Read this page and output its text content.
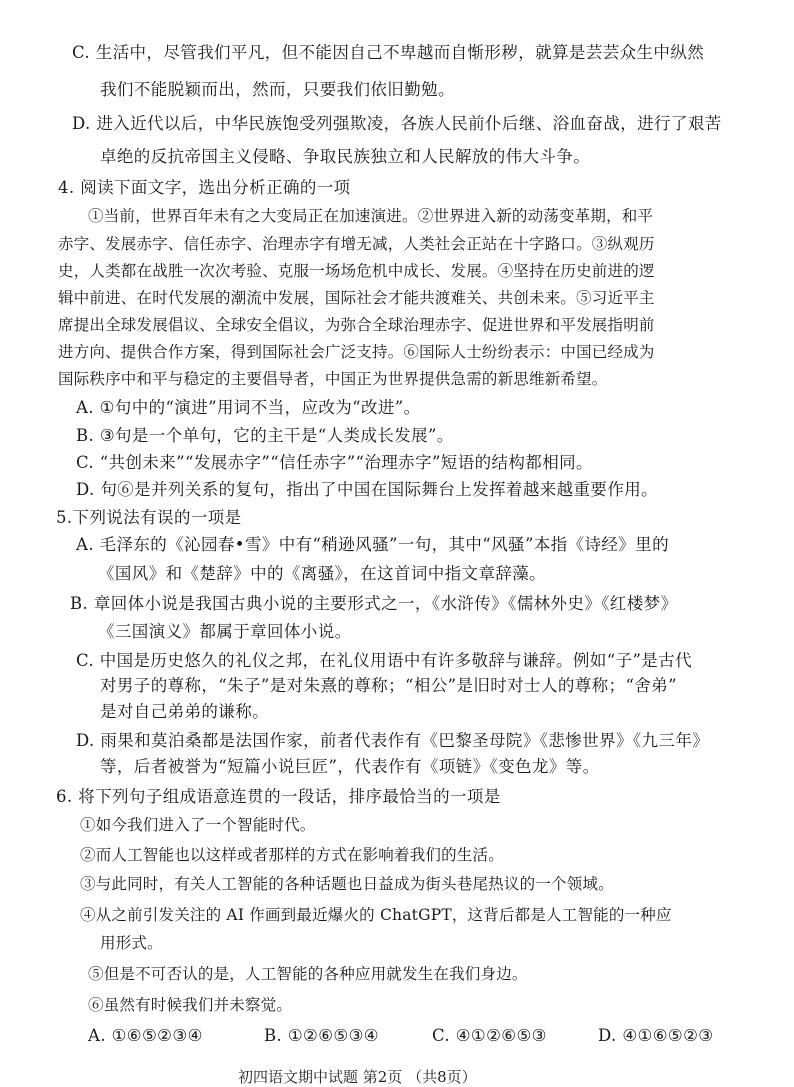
C. 生活中，尽管我们平凡，但不能因自己不卑越而自惭形秽，就算是芸芸众生中纵然
我们不能脱颖而出，然而，只要我们依旧勤勉。
D. 进入近代以后，中华民族饱受列强欺凌，各族人民前仆后继、浴血奋战，进行了艰苦
卓绝的反抗帝国主义侵略、争取民族独立和人民解放的伟大斗争。
4. 阅读下面文字，选出分析正确的一项
①当前，世界百年未有之大变局正在加速演进。②世界进入新的动荡变革期，和平
赤字、发展赤字、信任赤字、治理赤字有增无减，人类社会正站在十字路口。③纵观历
史，人类都在战胜一次次考验、克服一场场危机中成长、发展。④坚持在历史前进的逻
辑中前进、在时代发展的潮流中发展，国际社会才能共渡难关、共创未来。⑤习近平主
席提出全球发展倡议、全球安全倡议，为弥合全球治理赤字、促进世界和平发展指明前
进方向、提供合作方案，得到国际社会广泛支持。⑥国际人士纷纷表示：中国已经成为
国际秩序中和平与稳定的主要倡导者，中国正为世界提供急需的新思维新希望。
A. ①句中的“演进”用词不当，应改为“改进”。
B. ③句是一个单句，它的主干是“人类成长发展”。
C. “共创未来”“发展赤字”“信任赤字”“治理赤字”短语的结构都相同。
D. 句⑥是并列关系的复句，指出了中国在国际舞台上发挥着越来越重要作用。
5.下列说法有误的一项是
A. 毛泽东的《沁园春•雪》中有“稍逊风骚”一句，其中“风骚”本指《诗经》里的
《国风》和《楚辞》中的《离骚》，在这首词中指文章辞藻。
B. 章回体小说是我国古典小说的主要形式之一，《水浒传》《儒林外史》《红楼梦》
《三国演义》都属于章回体小说。
C. 中国是历史悠久的礼仪之邦，在礼仪用语中有许多敬辞与谦辞。例如“子”是古代
对男子的尊称，“朱子”是对朱熹的尊称；“相公”是旧时对士人的尊称；“舍弟”
是对自己弟弟的谦称。
D. 雨果和莫泊桑都是法国作家，前者代表作有《巴黎圣母院》《悲惨世界》《九三年》
等，后者被誉为“短篇小说巨匠”，代表作有《项链》《变色龙》等。
6. 将下列句子组成语意连贯的一段话，排序最恰当的一项是
①如今我们进入了一个智能时代。
②而人工智能也以这样或者那样的方式在影响着我们的生活。
③与此同时，有关人工智能的各种话题也日益成为街头巷尾热议的一个领域。
④从之前引发关注的 AI 作画到最近爆火的 ChatGPT，这背后都是人工智能的一种应
用形式。
⑤但是不可否认的是，人工智能的各种应用就发生在我们身边。
⑥虽然有时候我们并未察觉。
A. ①⑥⑤②③④	B. ①②⑥⑤③④	C. ④①②⑥⑤③	D. ④①⑥⑤②③
初四语文期中试题 第2页 （共8页）
